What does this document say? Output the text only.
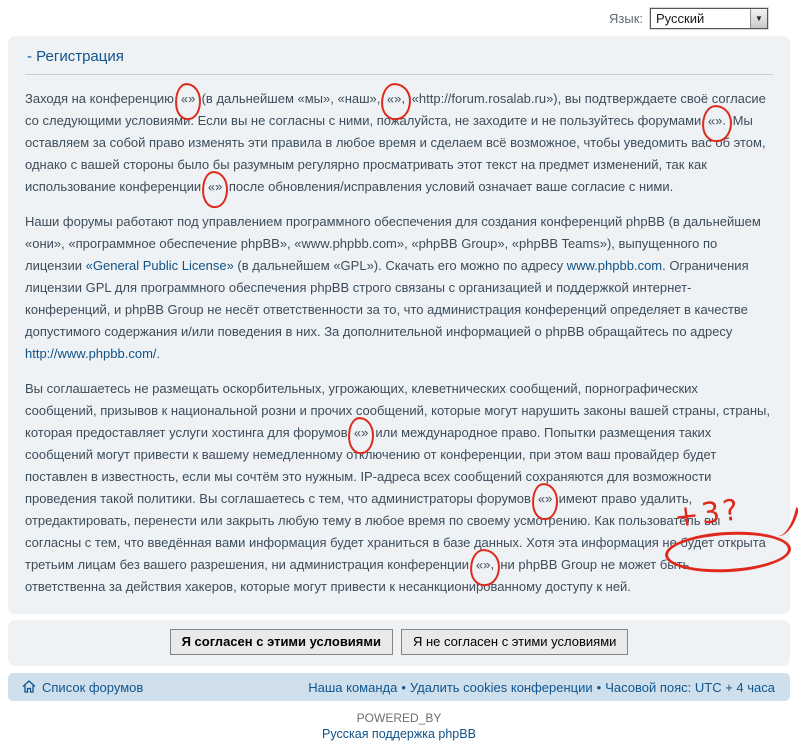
Язык:	Русский	▼
- Регистрация

Заходя на конференцию «» (в дальнейшем «мы», «наш», «», «http://forum.rosalab.ru»), вы подтверждаете своё согласие со следующими условиями. Если вы не согласны с ними, пожалуйста, не заходите и не пользуйтесь форумами «». Мы оставляем за собой право изменять эти правила в любое время и сделаем всё возможное, чтобы уведомить вас об этом, однако с вашей стороны было бы разумным регулярно просматривать этот текст на предмет изменений, так как использование конференции «» после обновления/исправления условий означает ваше согласие с ними.

Наши форумы работают под управлением программного обеспечения для создания конференций phpBB (в дальнейшем «они», «программное обеспечение phpBB», «www.phpbb.com», «phpBB Group», «phpBB Teams»), выпущенного по лицензии «General Public License» (в дальнейшем «GPL»). Скачать его можно по адресу www.phpbb.com. Ограничения лицензии GPL для программного обеспечения phpBB строго связаны с организацией и поддержкой интернет-конференций, и phpBB Group не несёт ответственности за то, что администрация конференций определяет в качестве допустимого содержания и/или поведения в них. За дополнительной информацией о phpBB обращайтесь по адресу http://www.phpbb.com/.

Вы соглашаетесь не размещать оскорбительных, угрожающих, клеветнических сообщений, порнографических сообщений, призывов к национальной розни и прочих сообщений, которые могут нарушить законы вашей страны, страны, которая предоставляет услуги хостинга для форумов «» или международное право. Попытки размещения таких сообщений могут привести к вашему немедленному отключению от конференции, при этом ваш провайдер будет поставлен в известность, если мы сочтём это нужным. IP-адреса всех сообщений сохраняются для возможности проведения такой политики. Вы соглашаетесь с тем, что администраторы форумов «» имеют право удалить, отредактировать, перенести или закрыть любую тему в любое время по своему усмотрению. Как пользователь вы согласны с тем, что введённая вами информация будет храниться в базе данных. Хотя эта информация не будет открыта третьим лицам без вашего разрешения, ни администрация конференции «», ни phpBB Group не может быть ответственна за действия хакеров, которые могут привести к несанкционированному доступу к ней.

Я согласен с этими условиями	Я не согласен с этими условиями
Список форумов	Наша команда • Удалить cookies конференции • Часовой пояс: UTC + 4 часа
POWERED_BY
Русская поддержка phpBB
+3?
